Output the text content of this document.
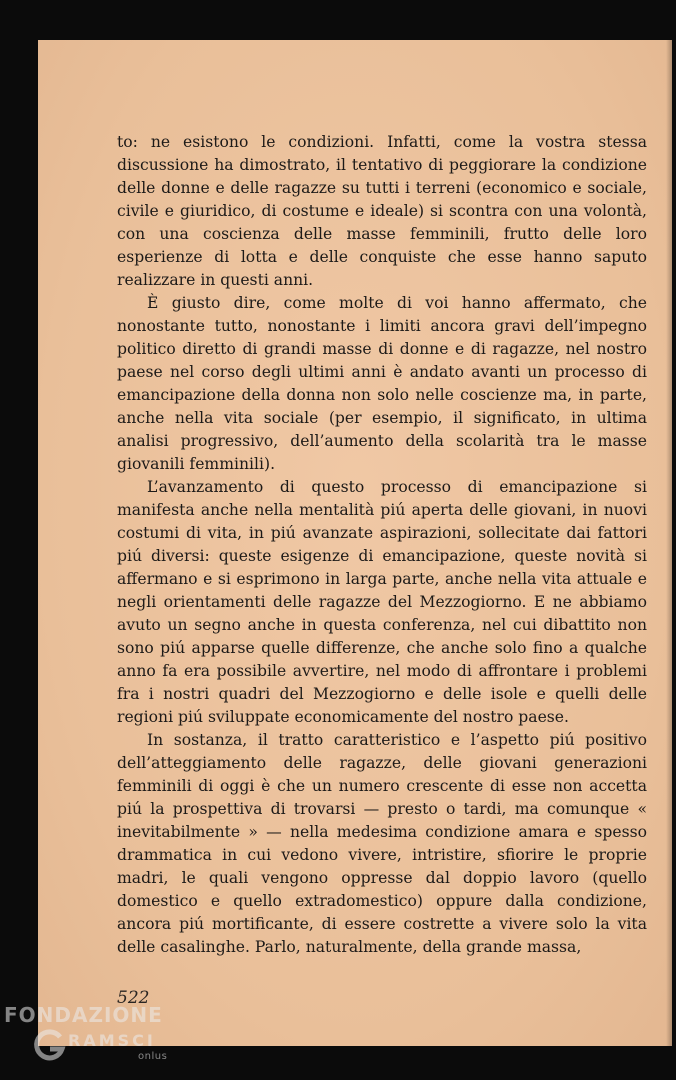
to: ne esistono le condizioni. Infatti, come la vostra stessa discussione ha dimostrato, il tentativo di peggiorare la condizione delle donne e delle ragazze su tutti i terreni (economico e sociale, civile e giuridico, di costume e ideale) si scontra con una volontà, con una coscienza delle masse femminili, frutto delle loro esperienze di lotta e delle conquiste che esse hanno saputo realizzare in questi anni.

È giusto dire, come molte di voi hanno affermato, che nonostante tutto, nonostante i limiti ancora gravi dell’impegno politico diretto di grandi masse di donne e di ragazze, nel nostro paese nel corso degli ultimi anni è andato avanti un processo di emancipazione della donna non solo nelle coscienze ma, in parte, anche nella vita sociale (per esempio, il significato, in ultima analisi progressivo, dell’aumento della scolarità tra le masse giovanili femminili).

L’avanzamento di questo processo di emancipazione si manifesta anche nella mentalità piú aperta delle giovani, in nuovi costumi di vita, in piú avanzate aspirazioni, sollecitate dai fattori piú diversi: queste esigenze di emancipazione, queste novità si affermano e si esprimono in larga parte, anche nella vita attuale e negli orientamenti delle ragazze del Mezzogiorno. E ne abbiamo avuto un segno anche in questa conferenza, nel cui dibattito non sono piú apparse quelle differenze, che anche solo fino a qualche anno fa era possibile avvertire, nel modo di affrontare i problemi fra i nostri quadri del Mezzogiorno e delle isole e quelli delle regioni piú sviluppate economicamente del nostro paese.

In sostanza, il tratto caratteristico e l’aspetto piú positivo dell’atteggiamento delle ragazze, delle giovani generazioni femminili di oggi è che un numero crescente di esse non accetta piú la prospettiva di trovarsi — presto o tardi, ma comunque « inevitabilmente » — nella medesima condizione amara e spesso drammatica in cui vedono vivere, intristire, sfiorire le proprie madri, le quali vengono oppresse dal doppio lavoro (quello domestico e quello extradomestico) oppure dalla condizione, ancora piú mortificante, di essere costrette a vivere solo la vita delle casalinghe. Parlo, naturalmente, della grande massa,

522
FONDAZIONE
RAMSCI
onlus
